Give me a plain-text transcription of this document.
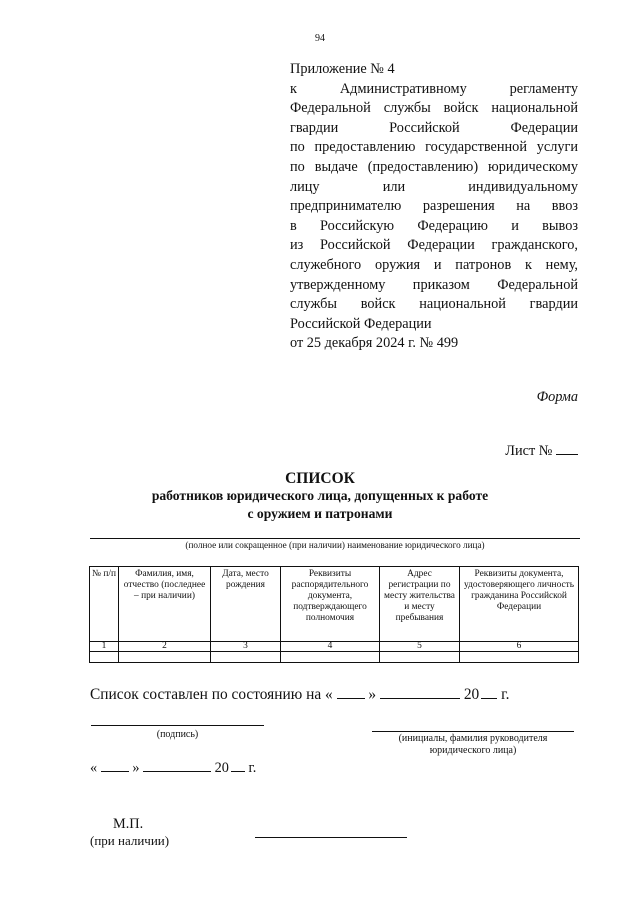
94
Приложение № 4
к Административному регламенту
Федеральной службы войск национальной
гвардии Российской Федерации
по предоставлению государственной услуги
по выдаче (предоставлению) юридическому
лицу или индивидуальному
предпринимателю разрешения на ввоз
в Российскую Федерацию и вывоз
из Российской Федерации гражданского,
служебного оружия и патронов к нему,
утвержденному приказом Федеральной
службы войск национальной гвардии
Российской Федерации
от 25 декабря 2024 г. № 499
Форма
Лист №
СПИСОК
работников юридического лица, допущенных к работе
с оружием и патронами
(полное или сокращенное (при наличии) наименование юридического лица)
№ п/п	Фамилия, имя, отчество (последнее – при наличии)	Дата, место рождения	Реквизиты распорядительного документа, подтверждающего полномочия	Адрес регистрации по месту жительства и месту пребывания	Реквизиты документа, удостоверяющего личность гражданина Российской Федерации
1	2	3	4	5	6

Список составлен по состоянию на « »	20 г.
(подпись)	(инициалы, фамилия руководителя юридического лица)
« »	20 г.
М.П.
(при наличии)
